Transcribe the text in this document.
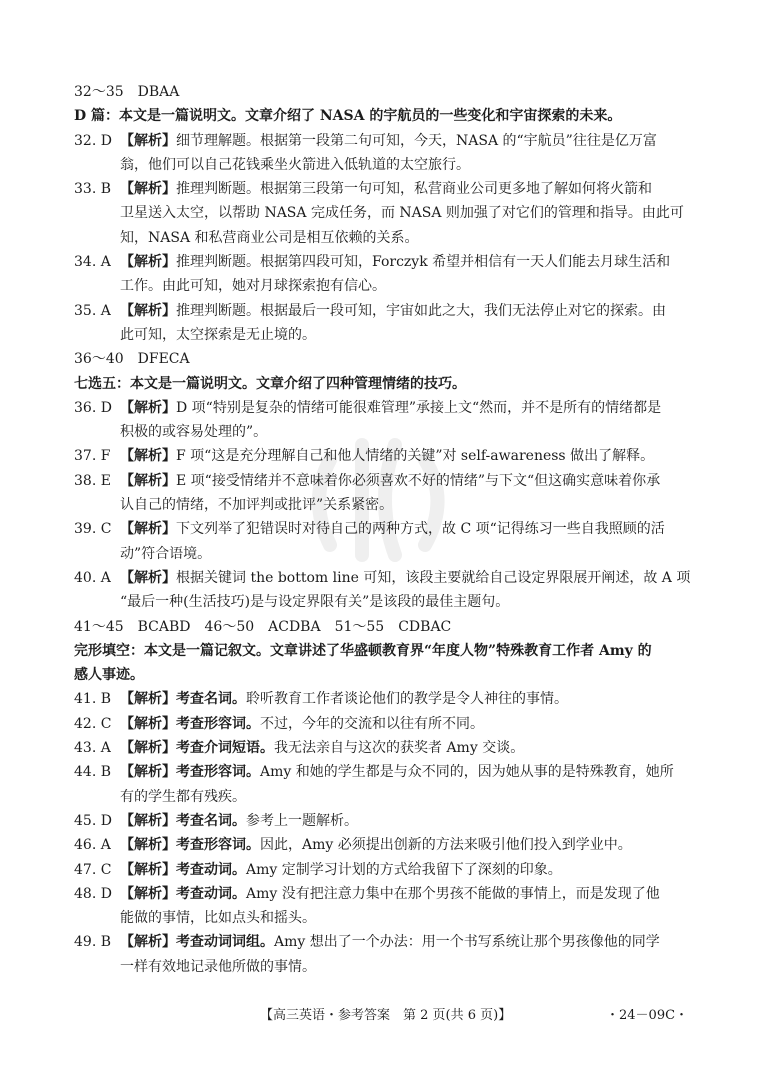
32～35　DBAA
D 篇：本文是一篇说明文。文章介绍了 NASA 的宇航员的一些变化和宇宙探索的未来。
32. D 【解析】细节理解题。根据第一段第二句可知，今天，NASA 的“宇航员”往往是亿万富
翁，他们可以自己花钱乘坐火箭进入低轨道的太空旅行。
33. B 【解析】推理判断题。根据第三段第一句可知，私营商业公司更多地了解如何将火箭和
卫星送入太空，以帮助 NASA 完成任务，而 NASA 则加强了对它们的管理和指导。由此可
知，NASA 和私营商业公司是相互依赖的关系。
34. A 【解析】推理判断题。根据第四段可知，Forczyk 希望并相信有一天人们能去月球生活和
工作。由此可知，她对月球探索抱有信心。
35. A 【解析】推理判断题。根据最后一段可知，宇宙如此之大，我们无法停止对它的探索。由
此可知，太空探索是无止境的。
36～40　DFECA
七选五：本文是一篇说明文。文章介绍了四种管理情绪的技巧。
36. D 【解析】D 项“特别是复杂的情绪可能很难管理”承接上文“然而，并不是所有的情绪都是
积极的或容易处理的”。
37. F 【解析】F 项“这是充分理解自己和他人情绪的关键”对 self-awareness 做出了解释。
38. E 【解析】E 项“接受情绪并不意味着你必须喜欢不好的情绪”与下文“但这确实意味着你承
认自己的情绪，不加评判或批评”关系紧密。
39. C 【解析】下文列举了犯错误时对待自己的两种方式，故 C 项“记得练习一些自我照顾的活
动”符合语境。
40. A 【解析】根据关键词 the bottom line 可知，该段主要就给自己设定界限展开阐述，故 A 项
“最后一种(生活技巧)是与设定界限有关”是该段的最佳主题句。
41～45　BCABD　46～50　ACDBA　51～55　CDBAC
完形填空：本文是一篇记叙文。文章讲述了华盛顿教育界“年度人物”特殊教育工作者 Amy 的
感人事迹。
41. B 【解析】考查名词。聆听教育工作者谈论他们的教学是令人神往的事情。
42. C 【解析】考查形容词。不过，今年的交流和以往有所不同。
43. A 【解析】考查介词短语。我无法亲自与这次的获奖者 Amy 交谈。
44. B 【解析】考查形容词。Amy 和她的学生都是与众不同的，因为她从事的是特殊教育，她所
有的学生都有残疾。
45. D 【解析】考查名词。参考上一题解析。
46. A 【解析】考查形容词。因此，Amy 必须提出创新的方法来吸引他们投入到学业中。
47. C 【解析】考查动词。Amy 定制学习计划的方式给我留下了深刻的印象。
48. D 【解析】考查动词。Amy 没有把注意力集中在那个男孩不能做的事情上，而是发现了他
能做的事情，比如点头和摇头。
49. B 【解析】考查动词词组。Amy 想出了一个办法：用一个书写系统让那个男孩像他的同学
一样有效地记录他所做的事情。
【高三英语・参考答案　第 2 页(共 6 页)】	・24－09C・
